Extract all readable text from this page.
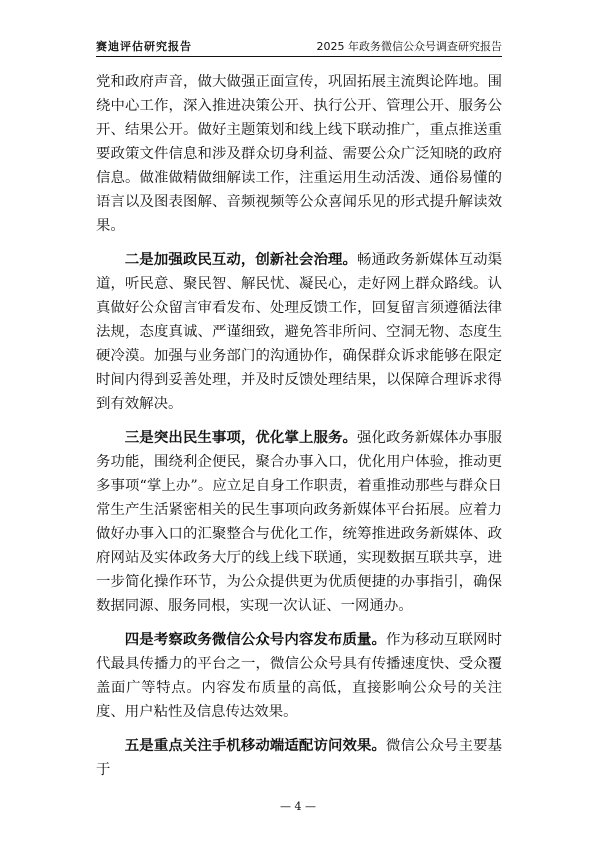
赛迪评估研究报告	2025 年政务微信公众号调查研究报告

党和政府声音，做大做强正面宣传，巩固拓展主流舆论阵地。围绕中心工作，深入推进决策公开、执行公开、管理公开、服务公开、结果公开。做好主题策划和线上线下联动推广，重点推送重要政策文件信息和涉及群众切身利益、需要公众广泛知晓的政府信息。做准做精做细解读工作，注重运用生动活泼、通俗易懂的语言以及图表图解、音频视频等公众喜闻乐见的形式提升解读效果。

二是加强政民互动，创新社会治理。畅通政务新媒体互动渠道，听民意、聚民智、解民忧、凝民心，走好网上群众路线。认真做好公众留言审看发布、处理反馈工作，回复留言须遵循法律法规，态度真诚、严谨细致，避免答非所问、空洞无物、态度生硬冷漠。加强与业务部门的沟通协作，确保群众诉求能够在限定时间内得到妥善处理，并及时反馈处理结果，以保障合理诉求得到有效解决。

三是突出民生事项，优化掌上服务。强化政务新媒体办事服务功能，围绕利企便民，聚合办事入口，优化用户体验，推动更多事项“掌上办”。应立足自身工作职责，着重推动那些与群众日常生产生活紧密相关的民生事项向政务新媒体平台拓展。应着力做好办事入口的汇聚整合与优化工作，统筹推进政务新媒体、政府网站及实体政务大厅的线上线下联通，实现数据互联共享，进一步简化操作环节，为公众提供更为优质便捷的办事指引，确保数据同源、服务同根，实现一次认证、一网通办。

四是考察政务微信公众号内容发布质量。作为移动互联网时代最具传播力的平台之一，微信公众号具有传播速度快、受众覆盖面广等特点。内容发布质量的高低，直接影响公众号的关注度、用户粘性及信息传达效果。

五是重点关注手机移动端适配访问效果。微信公众号主要基于

— 4 —
